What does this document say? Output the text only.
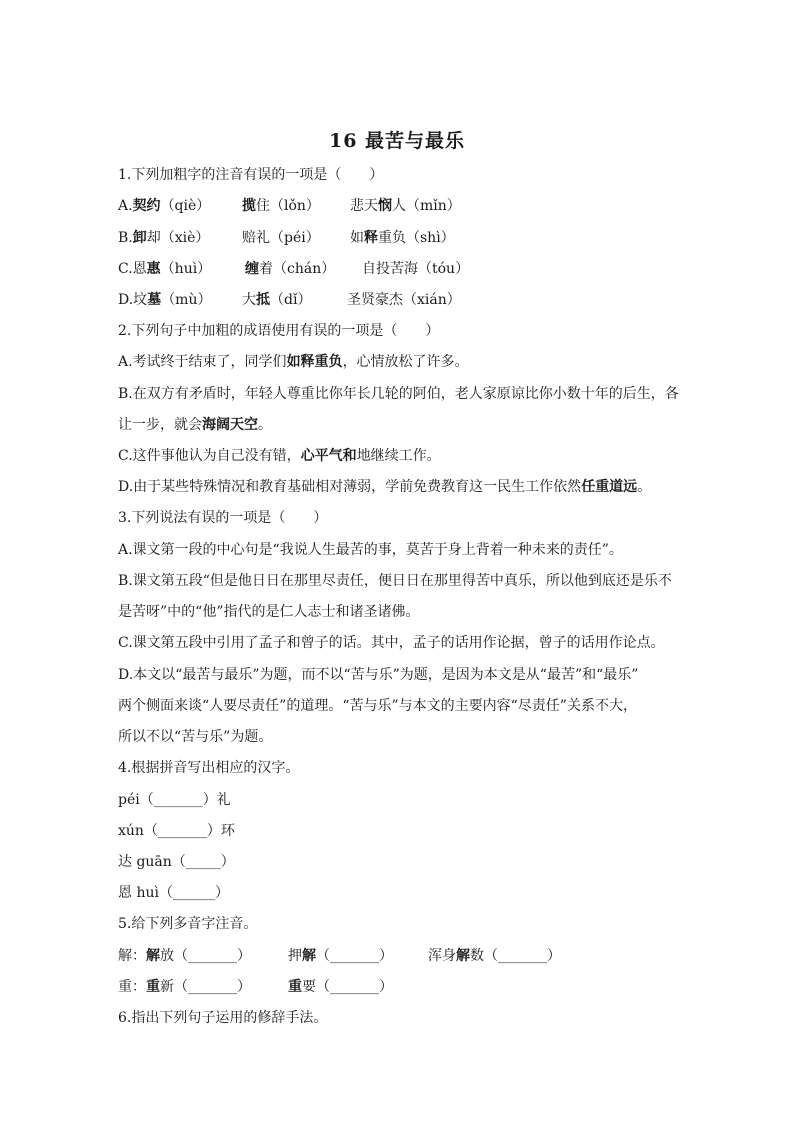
16 最苦与最乐
1.下列加粗字的注音有误的一项是（　　）
A.契约（qiè） 揽住（lǒn） 悲天悯人（mǐn）
B.卸却（xiè） 赔礼（péi） 如释重负（shì）
C.恩惠（huì） 缠着（chán） 自投苦海（tóu）
D.坟墓（mù） 大抵（dǐ）	圣贤豪杰（xián）
2.下列句子中加粗的成语使用有误的一项是（　　）
A.考试终于结束了，同学们如释重负，心情放松了许多。
B.在双方有矛盾时，年轻人尊重比你年长几轮的阿伯，老人家原谅比你小数十年的后生，各
让一步，就会海阔天空。
C.这件事他认为自己没有错，心平气和地继续工作。
D.由于某些特殊情况和教育基础相对薄弱，学前免费教育这一民生工作依然任重道远。
3.下列说法有误的一项是（　　）
A.课文第一段的中心句是“我说人生最苦的事，莫苦于身上背着一种未来的责任”。
B.课文第五段“但是他日日在那里尽责任，便日日在那里得苦中真乐，所以他到底还是乐不
是苦呀”中的“他”指代的是仁人志士和诸圣诸佛。
C.课文第五段中引用了孟子和曾子的话。其中，孟子的话用作论据，曾子的话用作论点。
D.本文以“最苦与最乐”为题，而不以“苦与乐”为题，是因为本文是从“最苦”和“最乐”
两个侧面来谈“人要尽责任”的道理。“苦与乐”与本文的主要内容“尽责任”关系不大，
所以不以“苦与乐”为题。
4.根据拼音写出相应的汉字。
péi（_______）礼
xún（_______）环
达 guān（_____）
恩 huì（______）
5.给下列多音字注音。
解：解放（_______）	押解（_______）	浑身解数（_______）
重：重新（_______）	重要（_______）
6.指出下列句子运用的修辞手法。
